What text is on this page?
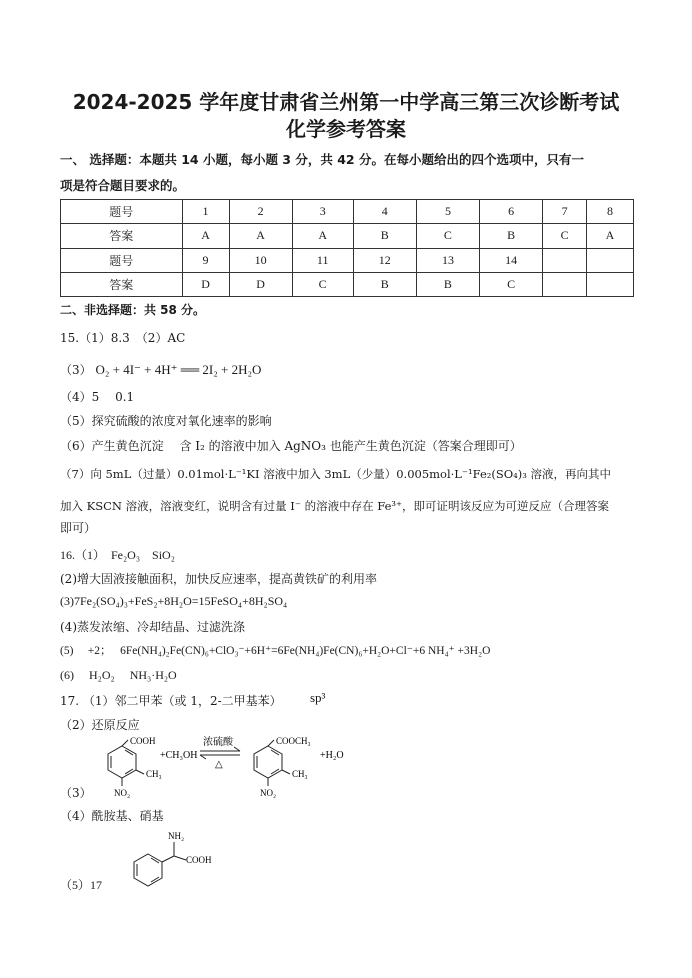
2024-2025 学年度甘肃省兰州第一中学高三第三次诊断考试
化学参考答案
一、 选择题：本题共 14 小题，每小题 3 分，共 42 分。在每小题给出的四个选项中，只有一
项是符合题目要求的。
题号	1	2	3	4	5	6	7	8
答案	A	A	A	B	C	B	C	A
题号	9	10	11	12	13	14		
答案	D	D	C	B	B	C		
二、非选择题：共 58 分。
15.（1）8.3　（2）AC
（3） O₂ + 4I⁻ + 4H⁺ ══ 2I₂ + 2H₂O
（4）5　 0.1
（5）探究硫酸的浓度对氧化速率的影响
（6）产生黄色沉淀　 含 I₂ 的溶液中加入 AgNO₃ 也能产生黄色沉淀（答案合理即可）
（7）向 5mL（过量）0.01mol·L⁻¹KI 溶液中加入 3mL（少量）0.005mol·L⁻¹Fe₂(SO₄)₃ 溶液，再向其中
加入 KSCN 溶液，溶液变红，说明含有过量 I⁻ 的溶液中存在 Fe³⁺，即可证明该反应为可逆反应（合理答案
即可）
16.（1）　Fe₂O₃　SiO₂
(2)增大固液接触面积，加快反应速率，提高黄铁矿的利用率
(3)7Fe₂(SO₄)₃+FeS₂+8H₂O=15FeSO₄+8H₂SO₄
(4)蒸发浓缩、冷却结晶、过滤洗涤
(5)　 +2；　 6Fe(NH₄)₂Fe(CN)₆+ClO₃⁻+6H⁺=6Fe(NH₄)Fe(CN)₆+H₂O+Cl⁻+6 NH₄⁺ +3H₂O
(6)　 H₂O₂　 NH₃·H₂O
17. （1）邻二甲苯（或 1，2-二甲基苯） sp³
（2）还原反应
COOH
CH₃
NO₂
+CH₃OH
浓硫酸
△
COOCH₃
CH₃
NO₂
+H₂O
（3）
（4）酰胺基、硝基
NH₂
COOH
（5）17
